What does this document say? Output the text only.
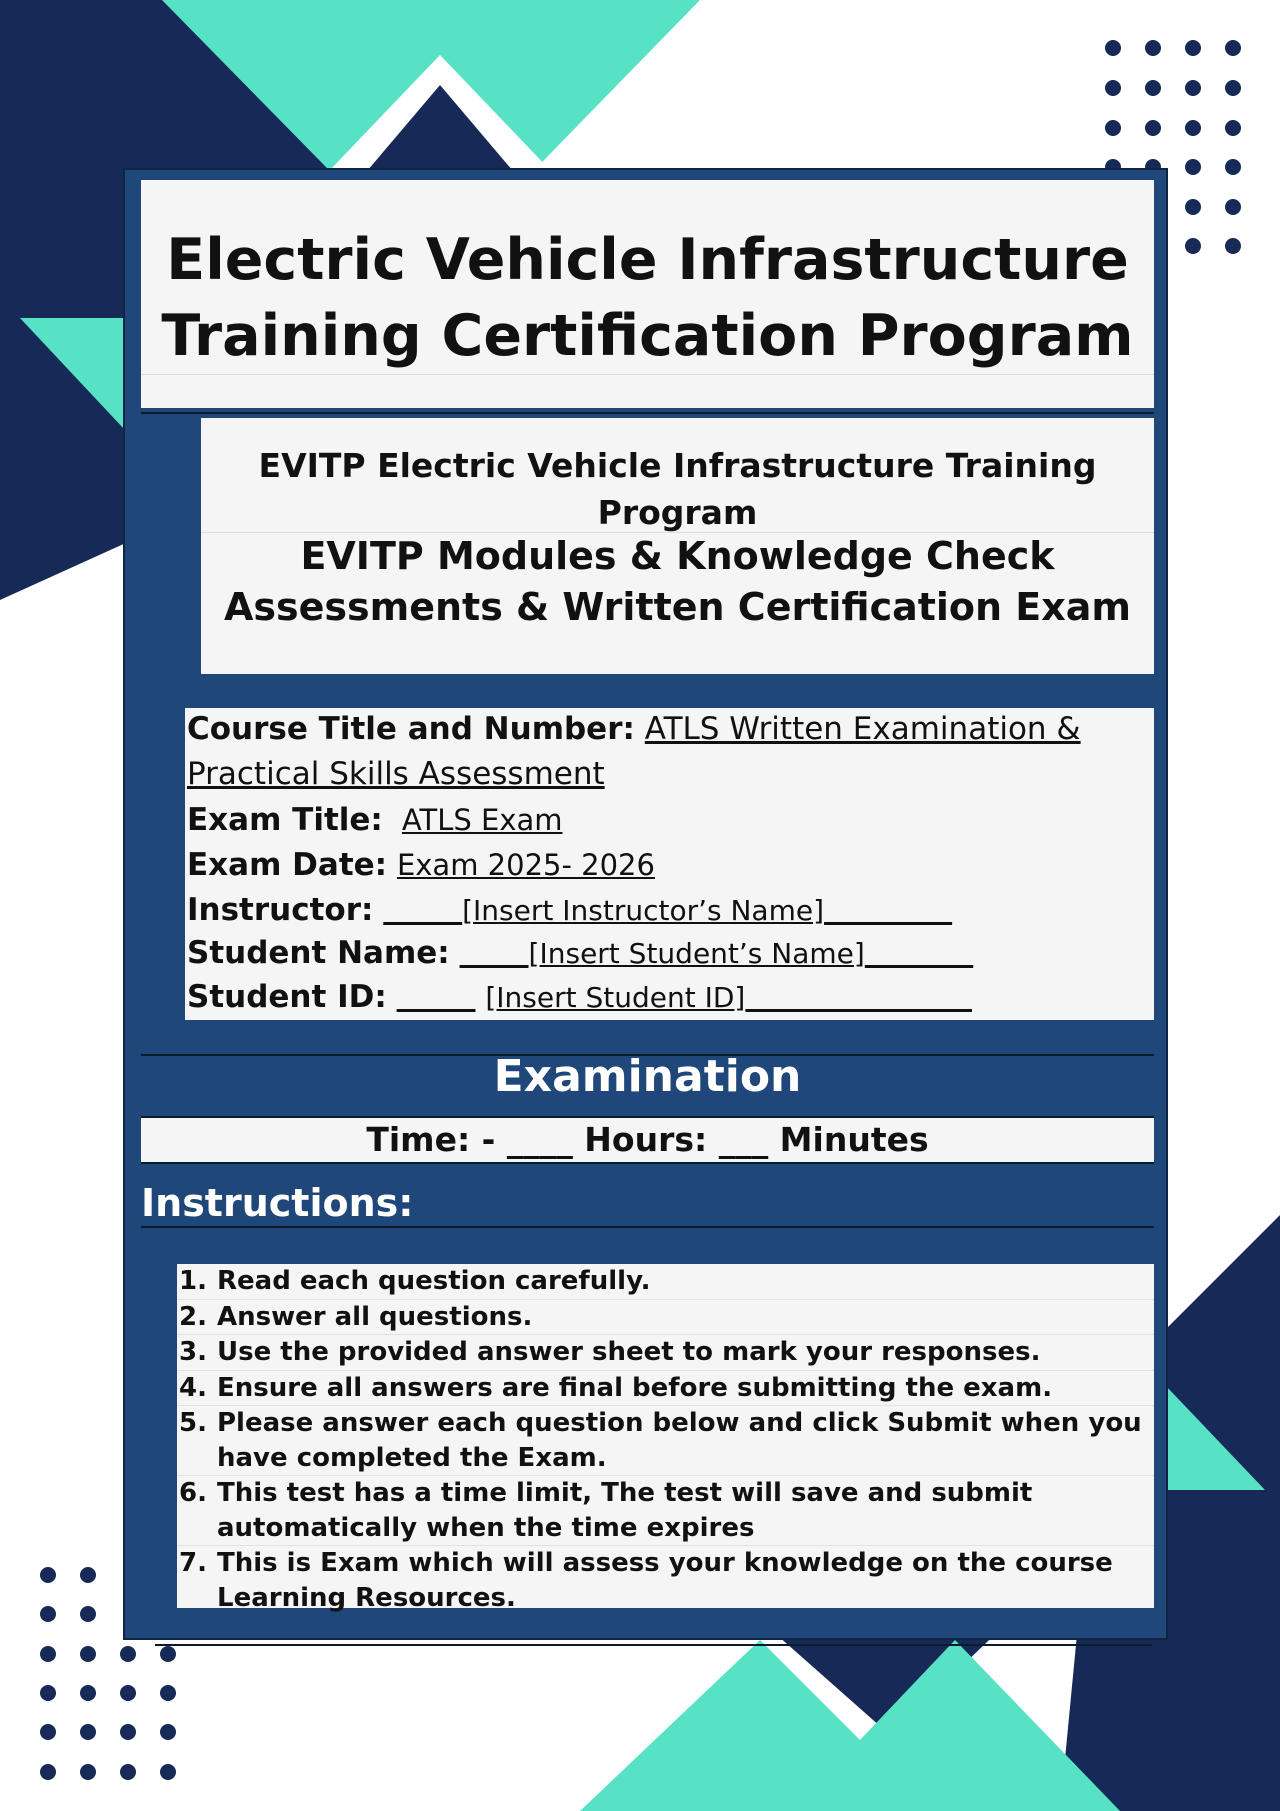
Electric Vehicle Infrastructure
Training Certification Program
EVITP Electric Vehicle Infrastructure Training Program
EVITP Modules & Knowledge Check
Assessments & Written Certification Exam
Course Title and Number: ATLS Written Examination &
Practical Skills Assessment
Exam Title: ATLS Exam
Exam Date: Exam 2025- 2026
Instructor:	[Insert Instructor’s Name]
Student Name:	[Insert Student’s Name]
Student ID:	[Insert Student ID]
Examination
Time: - ____ Hours: ___ Minutes
Instructions:
1. Read each question carefully.
2. Answer all questions.
3. Use the provided answer sheet to mark your responses.
4. Ensure all answers are final before submitting the exam.
5. Please answer each question below and click Submit when you have completed the Exam.
6. This test has a time limit, The test will save and submit automatically when the time expires
7. This is Exam which will assess your knowledge on the course Learning Resources.
